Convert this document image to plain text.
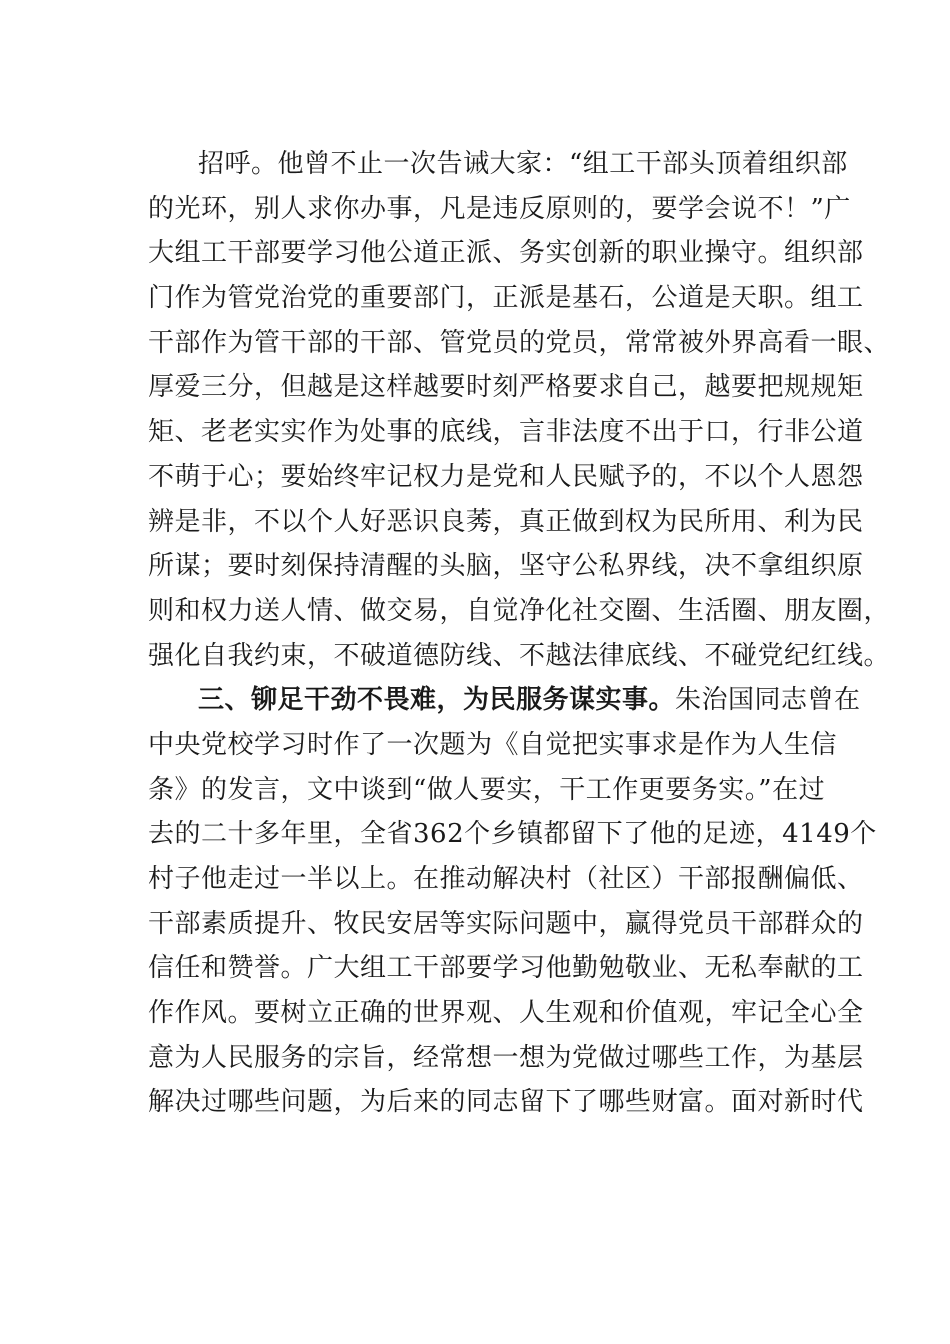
招呼。他曾不止一次告诫大家：“组工干部头顶着组织部
的光环，别人求你办事，凡是违反原则的，要学会说不！”广
大组工干部要学习他公道正派、务实创新的职业操守。组织部
门作为管党治党的重要部门，正派是基石，公道是天职。组工
干部作为管干部的干部、管党员的党员，常常被外界高看一眼、
厚爱三分，但越是这样越要时刻严格要求自己，越要把规规矩
矩、老老实实作为处事的底线，言非法度不出于口，行非公道
不萌于心；要始终牢记权力是党和人民赋予的，不以个人恩怨
辨是非，不以个人好恶识良莠，真正做到权为民所用、利为民
所谋；要时刻保持清醒的头脑，坚守公私界线，决不拿组织原
则和权力送人情、做交易，自觉净化社交圈、生活圈、朋友圈，
强化自我约束，不破道德防线、不越法律底线、不碰党纪红线。
三、铆足干劲不畏难，为民服务谋实事。朱治国同志曾在
中央党校学习时作了一次题为《自觉把实事求是作为人生信
条》的发言，文中谈到“做人要实，干工作更要务实。”在过
去的二十多年里，全省362个乡镇都留下了他的足迹，4149个
村子他走过一半以上。在推动解决村（社区）干部报酬偏低、
干部素质提升、牧民安居等实际问题中，赢得党员干部群众的
信任和赞誉。广大组工干部要学习他勤勉敬业、无私奉献的工
作作风。要树立正确的世界观、人生观和价值观，牢记全心全
意为人民服务的宗旨，经常想一想为党做过哪些工作，为基层
解决过哪些问题，为后来的同志留下了哪些财富。面对新时代
